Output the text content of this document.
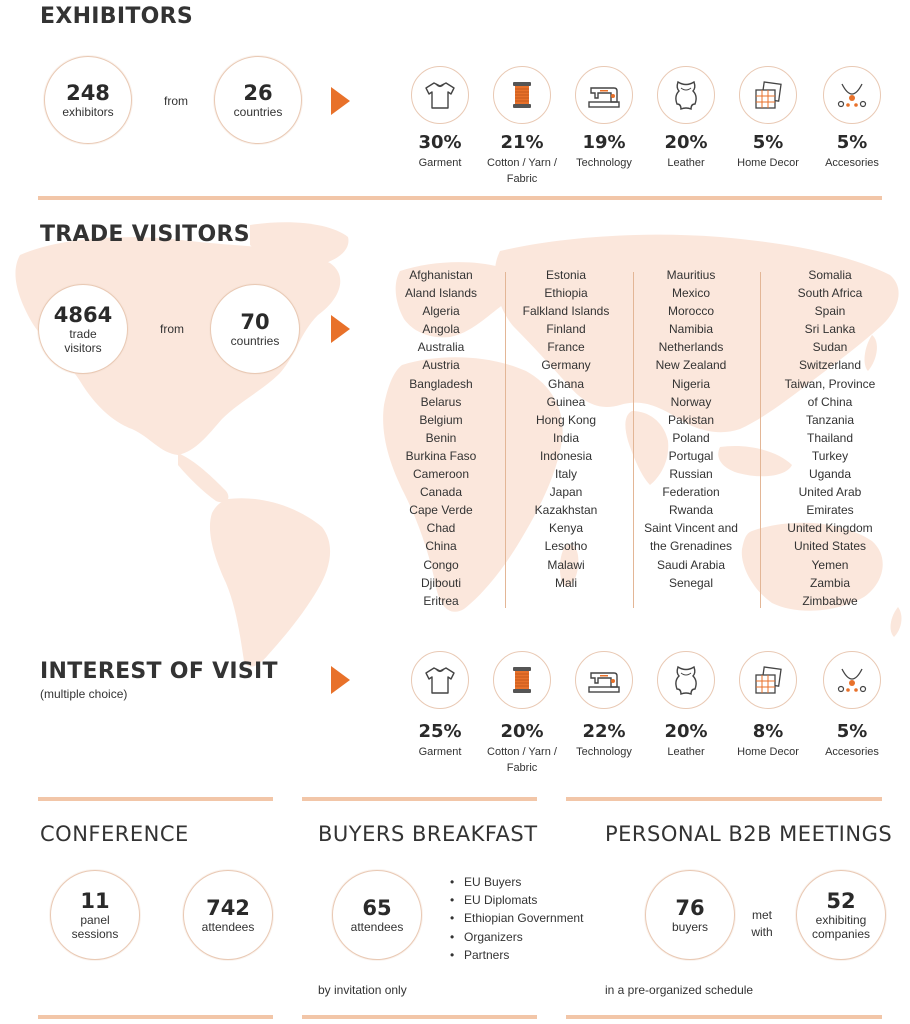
EXHIBITORS
248
exhibitors
from	26
countries
30%
Garment
21%
Cotton / Yarn / Fabric
19%
Technology
20%
Leather
5%
Home Decor
5%
Accesories
TRADE VISITORS
4864
trade visitors
from	70
countries
Afghanistan
Aland Islands
Algeria
Angola
Australia
Austria
Bangladesh
Belarus
Belgium
Benin
Burkina Faso
Cameroon
Canada
Cape Verde
Chad
China
Congo
Djibouti
Eritrea
Estonia
Ethiopia
Falkland Islands
Finland
France
Germany
Ghana
Guinea
Hong Kong
India
Indonesia
Italy
Japan
Kazakhstan
Kenya
Lesotho
Malawi
Mali
Mauritius
Mexico
Morocco
Namibia
Netherlands
New Zealand
Nigeria
Norway
Pakistan
Poland
Portugal
Russian
Federation
Rwanda
Saint Vincent and
the Grenadines
Saudi Arabia
Senegal
Somalia
South Africa
Spain
Sri Lanka
Sudan
Switzerland
Taiwan, Province
of China
Tanzania
Thailand
Turkey
Uganda
United Arab
Emirates
United Kingdom
United States
Yemen
Zambia
Zimbabwe
INTEREST OF VISIT
(multiple choice)
25%
Garment
20%
Cotton / Yarn / Fabric
22%
Technology
20%
Leather
8%
Home Decor
5%
Accesories
CONFERENCE
11
panel sessions
742
attendees
BUYERS BREAKFAST
65
attendees
• EU Buyers
• EU Diplomats
• Ethiopian Government
• Organizers
• Partners
by invitation only
PERSONAL B2B MEETINGS
76
buyers
met with
52
exhibiting companies
in a pre-organized schedule
